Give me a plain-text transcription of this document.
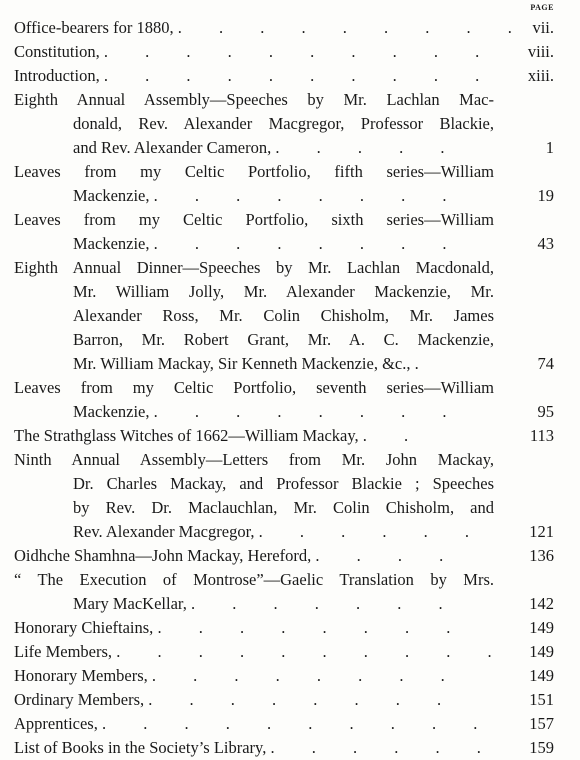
PAGE
Office-bearers for 1880, .         .         .         .         .         .         .         .         .	vii.
Constitution, .         .         .         .         .         .         .         .         .         .	viii.
Introduction, .         .         .         .         .         .         .         .         .         .	xiii.
Eighth Annual Assembly—Speeches by Mr. Lachlan Mac-
donald, Rev. Alexander Macgregor, Professor Blackie,
and Rev. Alexander Cameron, .         .         .         .         .	1
Leaves from my Celtic Portfolio, fifth series—William
Mackenzie, .         .         .         .         .         .         .         .	19
Leaves from my Celtic Portfolio, sixth series—William
Mackenzie, .         .         .         .         .         .         .         .	43
Eighth Annual Dinner—Speeches by Mr. Lachlan Macdonald,
Mr. William Jolly, Mr. Alexander Mackenzie, Mr.
Alexander Ross, Mr. Colin Chisholm, Mr. James
Barron, Mr. Robert Grant, Mr. A. C. Mackenzie,
Mr. William Mackay, Sir Kenneth Mackenzie, &c., .	74
Leaves from my Celtic Portfolio, seventh series—William
Mackenzie, .         .         .         .         .         .         .         .	95
The Strathglass Witches of 1662—William Mackay, .         .	113
Ninth Annual Assembly—Letters from Mr. John Mackay,
Dr. Charles Mackay, and Professor Blackie ; Speeches
by Rev. Dr. Maclauchlan, Mr. Colin Chisholm, and
Rev. Alexander Macgregor, .         .         .         .         .         .	121
Oidhche Shamhna—John Mackay, Hereford, .         .         .         .	136
“ The Execution of Montrose”—Gaelic Translation by Mrs.
Mary MacKellar, .         .         .         .         .         .         .	142
Honorary Chieftains, .         .         .         .         .         .         .         .	149
Life Members, .         .         .         .         .         .         .         .         .         .	149
Honorary Members, .         .         .         .         .         .         .         .	149
Ordinary Members, .         .         .         .         .         .         .         .	151
Apprentices, .         .         .         .         .         .         .         .         .         .	157
List of Books in the Society’s Library, .         .         .         .         .         .	159
